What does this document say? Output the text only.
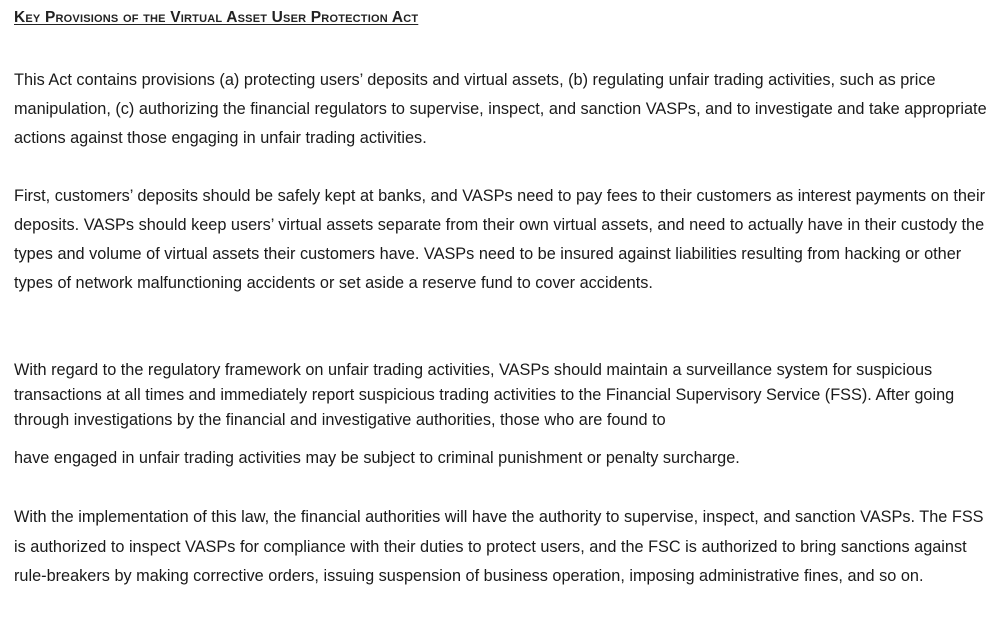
Key Provisions of the Virtual Asset User Protection Act

This Act contains provisions (a) protecting users’ deposits and virtual assets, (b) regulating unfair trading activities, such as price manipulation, (c) authorizing the financial regulators to supervise, inspect, and sanction VASPs, and to investigate and take appropriate actions against those engaging in unfair trading activities.

First, customers’ deposits should be safely kept at banks, and VASPs need to pay fees to their customers as interest payments on their deposits. VASPs should keep users’ virtual assets separate from their own virtual assets, and need to actually have in their custody the types and volume of virtual assets their customers have. VASPs need to be insured against liabilities resulting from hacking or other types of network malfunctioning accidents or set aside a reserve fund to cover accidents.

With regard to the regulatory framework on unfair trading activities, VASPs should maintain a surveillance system for suspicious transactions at all times and immediately report suspicious trading activities to the Financial Supervisory Service (FSS). After going through investigations by the financial and investigative authorities, those who are found to

have engaged in unfair trading activities may be subject to criminal punishment or penalty surcharge.

With the implementation of this law, the financial authorities will have the authority to supervise, inspect, and sanction VASPs. The FSS is authorized to inspect VASPs for compliance with their duties to protect users, and the FSC is authorized to bring sanctions against rule-breakers by making corrective orders, issuing suspension of business operation, imposing administrative fines, and so on.
